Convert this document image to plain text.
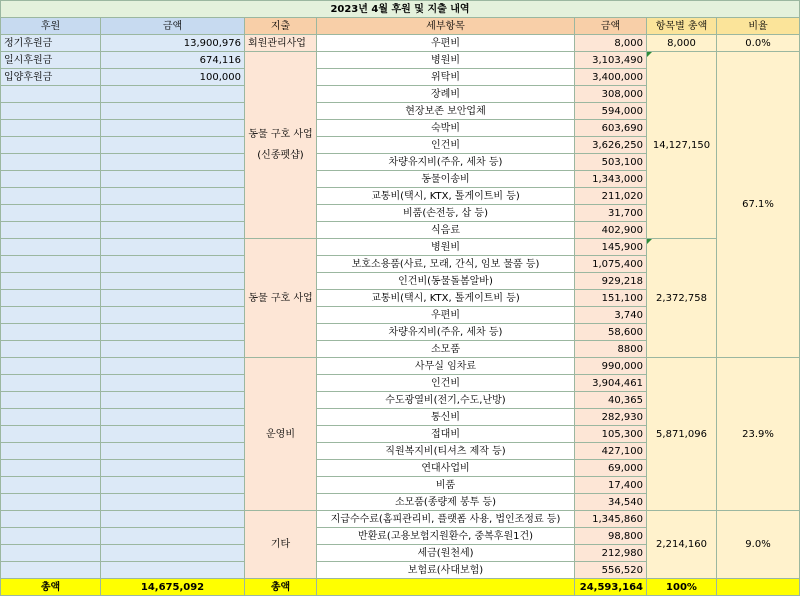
2023년 4월 후원 및 지출 내역						
후원	금액	지출	세부항목	금액	항목별 총액	비율
정기후원금	13,900,976	회원관리사업	우편비	8,000	8,000	0.0%
일시후원금	674,116	동물 구호 사업 (신종펫샵)	병원비	3,103,490	14,127,150	67.1%
입양후원금	100,000		위탁비	3,400,000		
			장례비	308,000		
			현장보존 보안업체	594,000		
			숙박비	603,690		
			인건비	3,626,250		
			차량유지비(주유, 세차 등)	503,100		
			동물이송비	1,343,000		
			교통비(택시, KTX, 톨게이트비 등)	211,020		
			비품(손전등, 삽 등)	31,700		
			식음료	402,900		
		동물 구호 사업	병원비	145,900	2,372,758	
			보호소용품(사료, 모래, 간식, 임보 물품 등)	1,075,400		
			인건비(동물돌봄알바)	929,218		
			교통비(택시, KTX, 톨게이트비 등)	151,100		
			우편비	3,740		
			차량유지비(주유, 세차 등)	58,600		
			소모품	8800		
		운영비	사무실 임차료	990,000	5,871,096	23.9%
			인건비	3,904,461		
			수도광열비(전기,수도,난방)	40,365		
			통신비	282,930		
			접대비	105,300		
			직원복지비(티셔츠 제작 등)	427,100		
			연대사업비	69,000		
			비품	17,400		
			소모품(종량제 봉투 등)	34,540		
		기타	지급수수료(홈피관리비, 플랫폼 사용, 법인조정료 등)	1,345,860	2,214,160	9.0%
			반환료(고용보험지원환수, 중복후원1건)	98,800		
			세금(원천세)	212,980		
			보험료(사대보험)	556,520		
총액	14,675,092	총액		24,593,164	100%	
